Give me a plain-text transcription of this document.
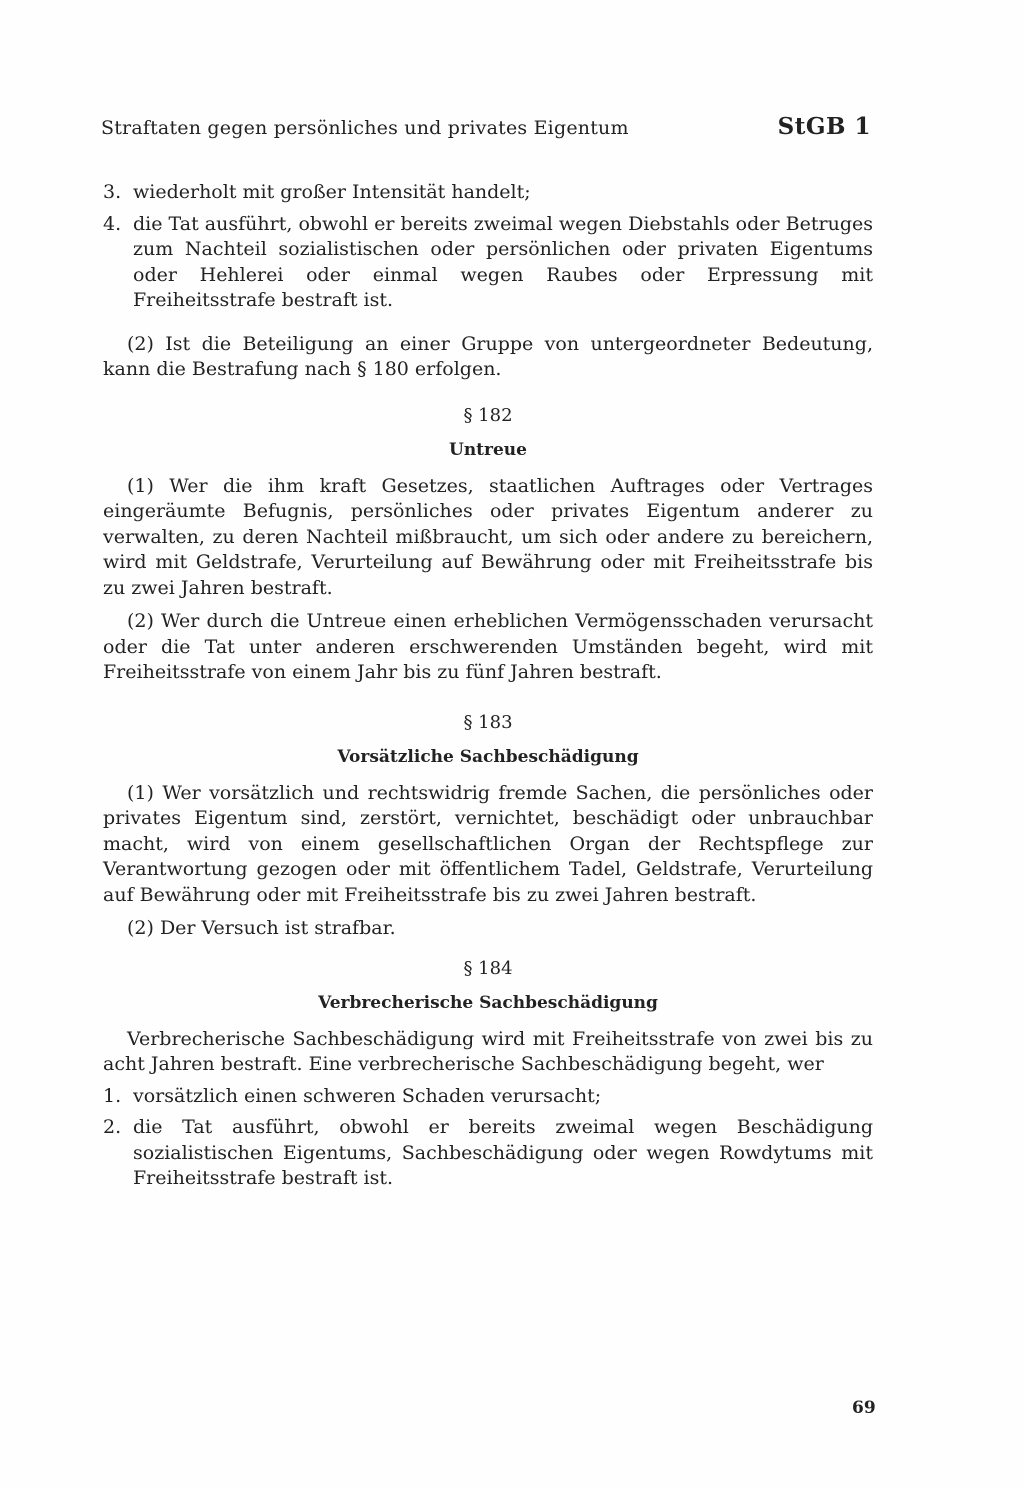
Straftaten gegen persönliches und privates Eigentum	StGB 1
3. wiederholt mit großer Intensität handelt;
4. die Tat ausführt, obwohl er bereits zweimal wegen Diebstahls oder Betruges zum Nachteil sozialistischen oder persönlichen oder privaten Eigentums oder Hehlerei oder einmal wegen Raubes oder Erpressung mit Freiheitsstrafe bestraft ist.

(2) Ist die Beteiligung an einer Gruppe von untergeordneter Bedeutung, kann die Bestrafung nach § 180 erfolgen.

§ 182
Untreue

(1) Wer die ihm kraft Gesetzes, staatlichen Auftrages oder Vertrages eingeräumte Befugnis, persönliches oder privates Eigentum anderer zu verwalten, zu deren Nachteil mißbraucht, um sich oder andere zu bereichern, wird mit Geldstrafe, Verurteilung auf Bewährung oder mit Freiheitsstrafe bis zu zwei Jahren bestraft.

(2) Wer durch die Untreue einen erheblichen Vermögensschaden verursacht oder die Tat unter anderen erschwerenden Umständen begeht, wird mit Freiheitsstrafe von einem Jahr bis zu fünf Jahren bestraft.

§ 183
Vorsätzliche Sachbeschädigung

(1) Wer vorsätzlich und rechtswidrig fremde Sachen, die persönliches oder privates Eigentum sind, zerstört, vernichtet, beschädigt oder unbrauchbar macht, wird von einem gesellschaftlichen Organ der Rechtspflege zur Verantwortung gezogen oder mit öffentlichem Tadel, Geldstrafe, Verurteilung auf Bewährung oder mit Freiheitsstrafe bis zu zwei Jahren bestraft.

(2) Der Versuch ist strafbar.

§ 184
Verbrecherische Sachbeschädigung

Verbrecherische Sachbeschädigung wird mit Freiheitsstrafe von zwei bis zu acht Jahren bestraft. Eine verbrecherische Sachbeschädigung begeht, wer

1. vorsätzlich einen schweren Schaden verursacht;
2. die Tat ausführt, obwohl er bereits zweimal wegen Beschädigung sozialistischen Eigentums, Sachbeschädigung oder wegen Rowdytums mit Freiheitsstrafe bestraft ist.
69
